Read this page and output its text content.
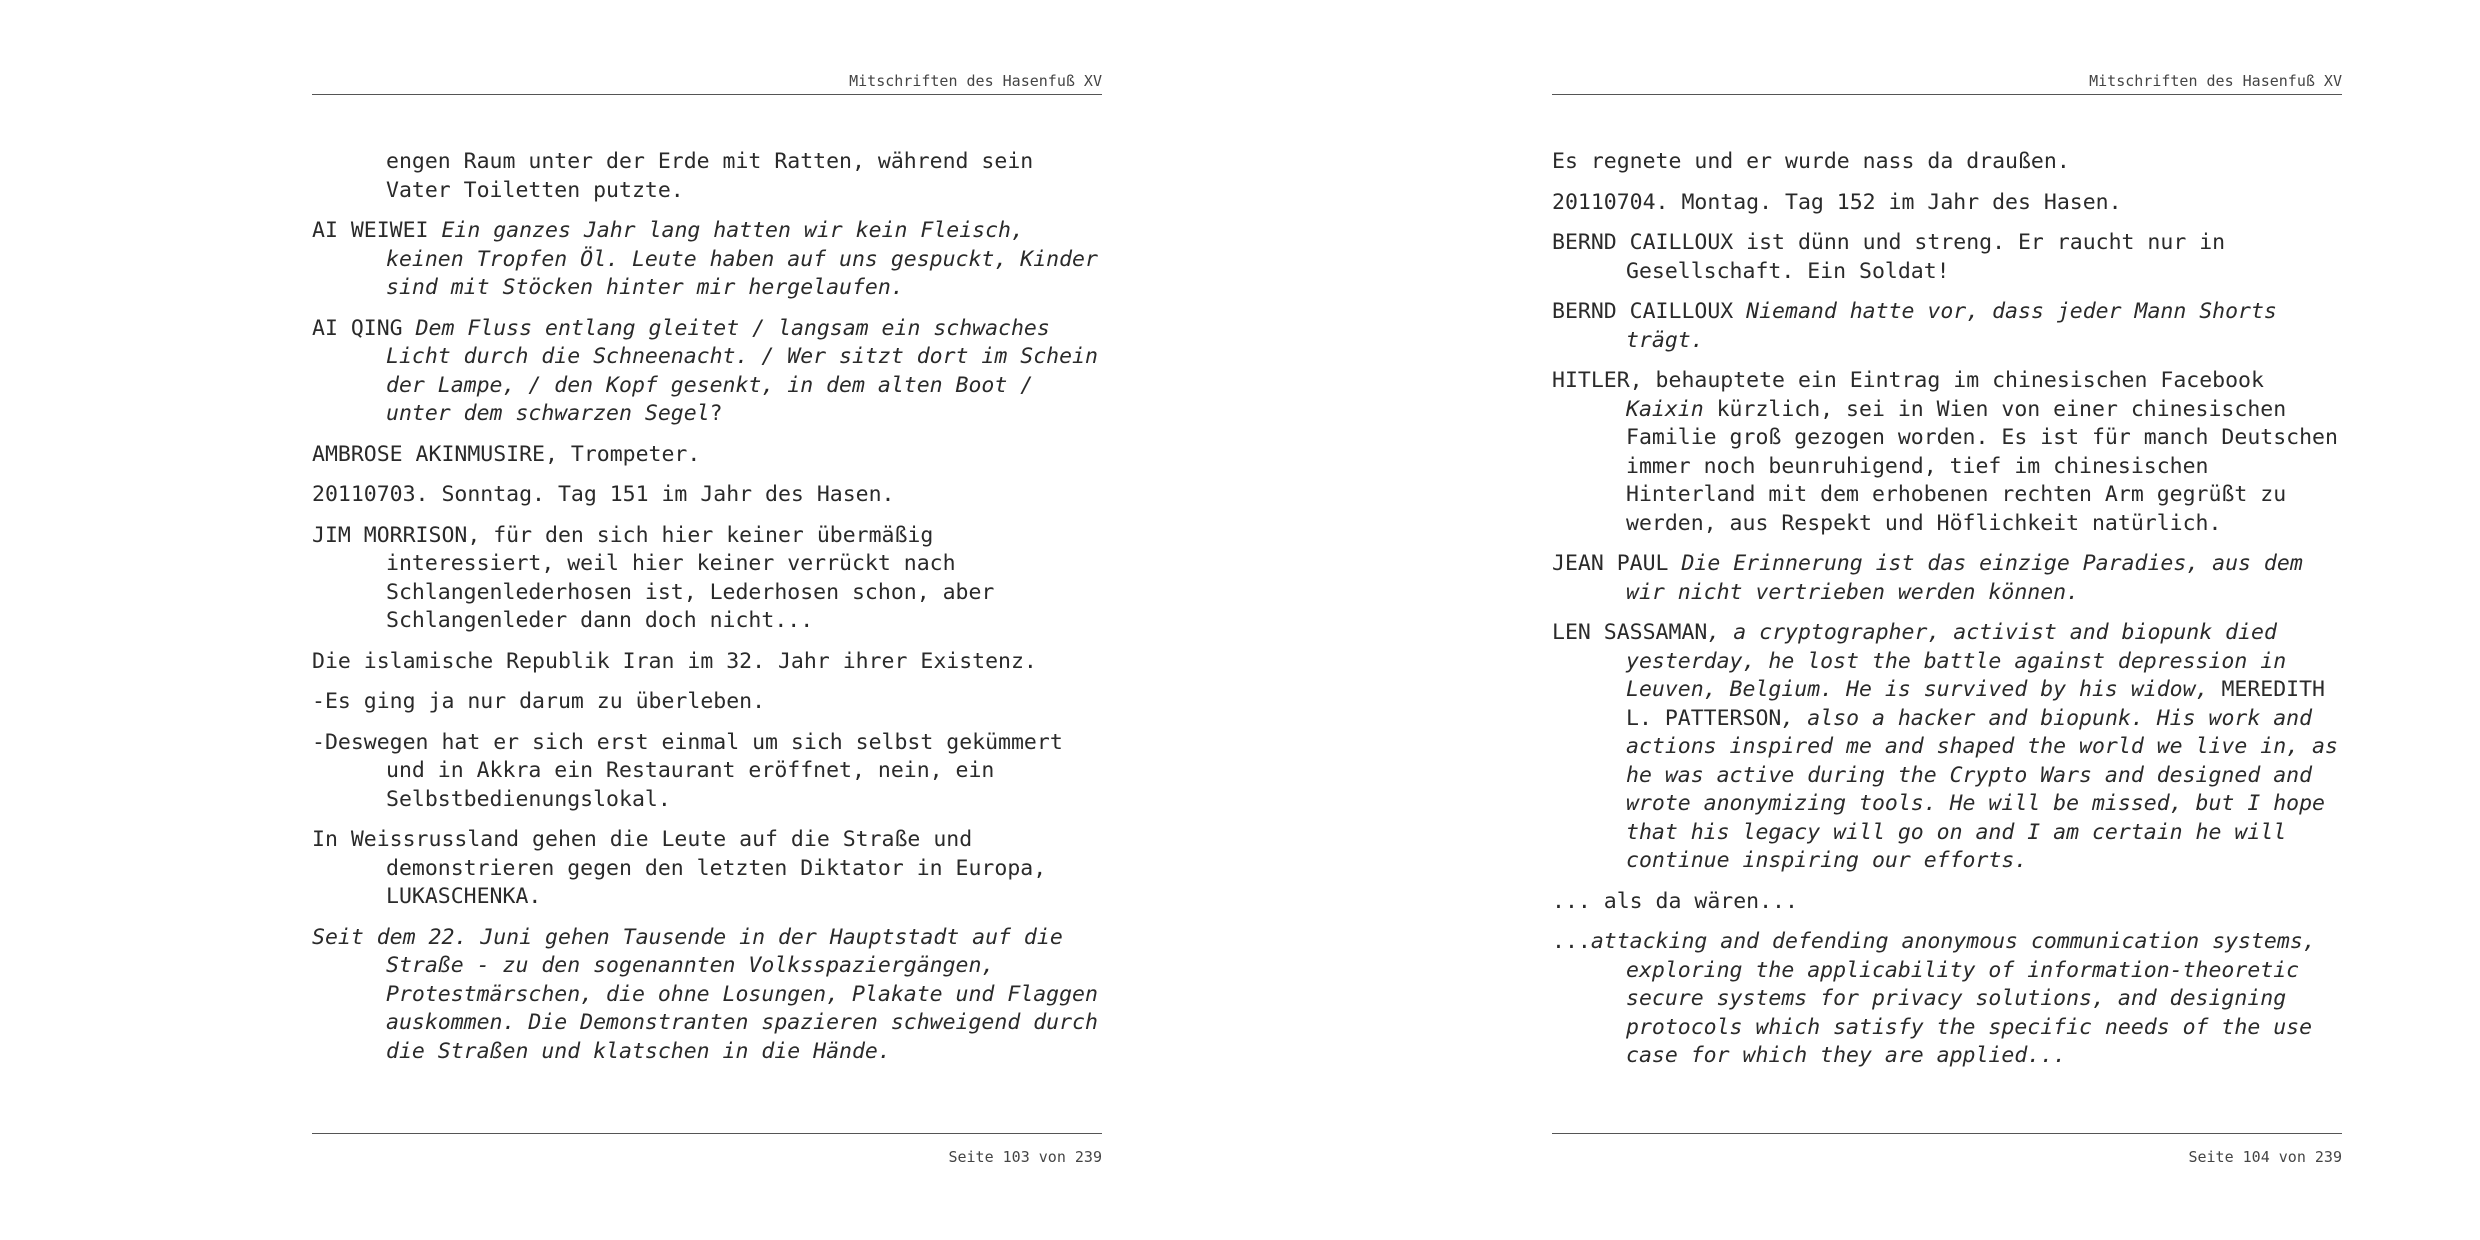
Mitschriften des Hasenfuß XV
engen Raum unter der Erde mit Ratten, während sein Vater Toiletten putzte.
AI WEIWEI Ein ganzes Jahr lang hatten wir kein Fleisch, keinen Tropfen Öl. Leute haben auf uns gespuckt, Kinder sind mit Stöcken hinter mir hergelaufen.
AI QING Dem Fluss entlang gleitet / langsam ein schwaches Licht durch die Schneenacht. / Wer sitzt dort im Schein der Lampe, / den Kopf gesenkt, in dem alten Boot / unter dem schwarzen Segel?
AMBROSE AKINMUSIRE, Trompeter.
20110703. Sonntag. Tag 151 im Jahr des Hasen.
JIM MORRISON, für den sich hier keiner übermäßig interessiert, weil hier keiner verrückt nach Schlangenlederhosen ist, Lederhosen schon, aber Schlangenleder dann doch nicht...
Die islamische Republik Iran im 32. Jahr ihrer Existenz.
-Es ging ja nur darum zu überleben.
-Deswegen hat er sich erst einmal um sich selbst gekümmert und in Akkra ein Restaurant eröffnet, nein, ein Selbstbedienungslokal.
In Weissrussland gehen die Leute auf die Straße und demonstrieren gegen den letzten Diktator in Europa, LUKASCHENKA.
Seit dem 22. Juni gehen Tausende in der Hauptstadt auf die Straße - zu den sogenannten Volksspaziergängen, Protestmärschen, die ohne Losungen, Plakate und Flaggen auskommen. Die Demonstranten spazieren schweigend durch die Straßen und klatschen in die Hände.
Seite 103 von 239
Mitschriften des Hasenfuß XV
Es regnete und er wurde nass da draußen.
20110704. Montag. Tag 152 im Jahr des Hasen.
BERND CAILLOUX ist dünn und streng. Er raucht nur in Gesellschaft. Ein Soldat!
BERND CAILLOUX Niemand hatte vor, dass jeder Mann Shorts trägt.
HITLER, behauptete ein Eintrag im chinesischen Facebook Kaixin kürzlich, sei in Wien von einer chinesischen Familie groß gezogen worden. Es ist für manch Deutschen immer noch beunruhigend, tief im chinesischen Hinterland mit dem erhobenen rechten Arm gegrüßt zu werden, aus Respekt und Höflichkeit natürlich.
JEAN PAUL Die Erinnerung ist das einzige Paradies, aus dem wir nicht vertrieben werden können.
LEN SASSAMAN, a cryptographer, activist and biopunk died yesterday, he lost the battle against depression in Leuven, Belgium. He is survived by his widow, MEREDITH L. PATTERSON, also a hacker and biopunk. His work and actions inspired me and shaped the world we live in, as he was active during the Crypto Wars and designed and wrote anonymizing tools. He will be missed, but I hope that his legacy will go on and I am certain he will continue inspiring our efforts.
... als da wären...
...attacking and defending anonymous communication systems, exploring the applicability of information-theoretic secure systems for privacy solutions, and designing protocols which satisfy the specific needs of the use case for which they are applied...
Seite 104 von 239
